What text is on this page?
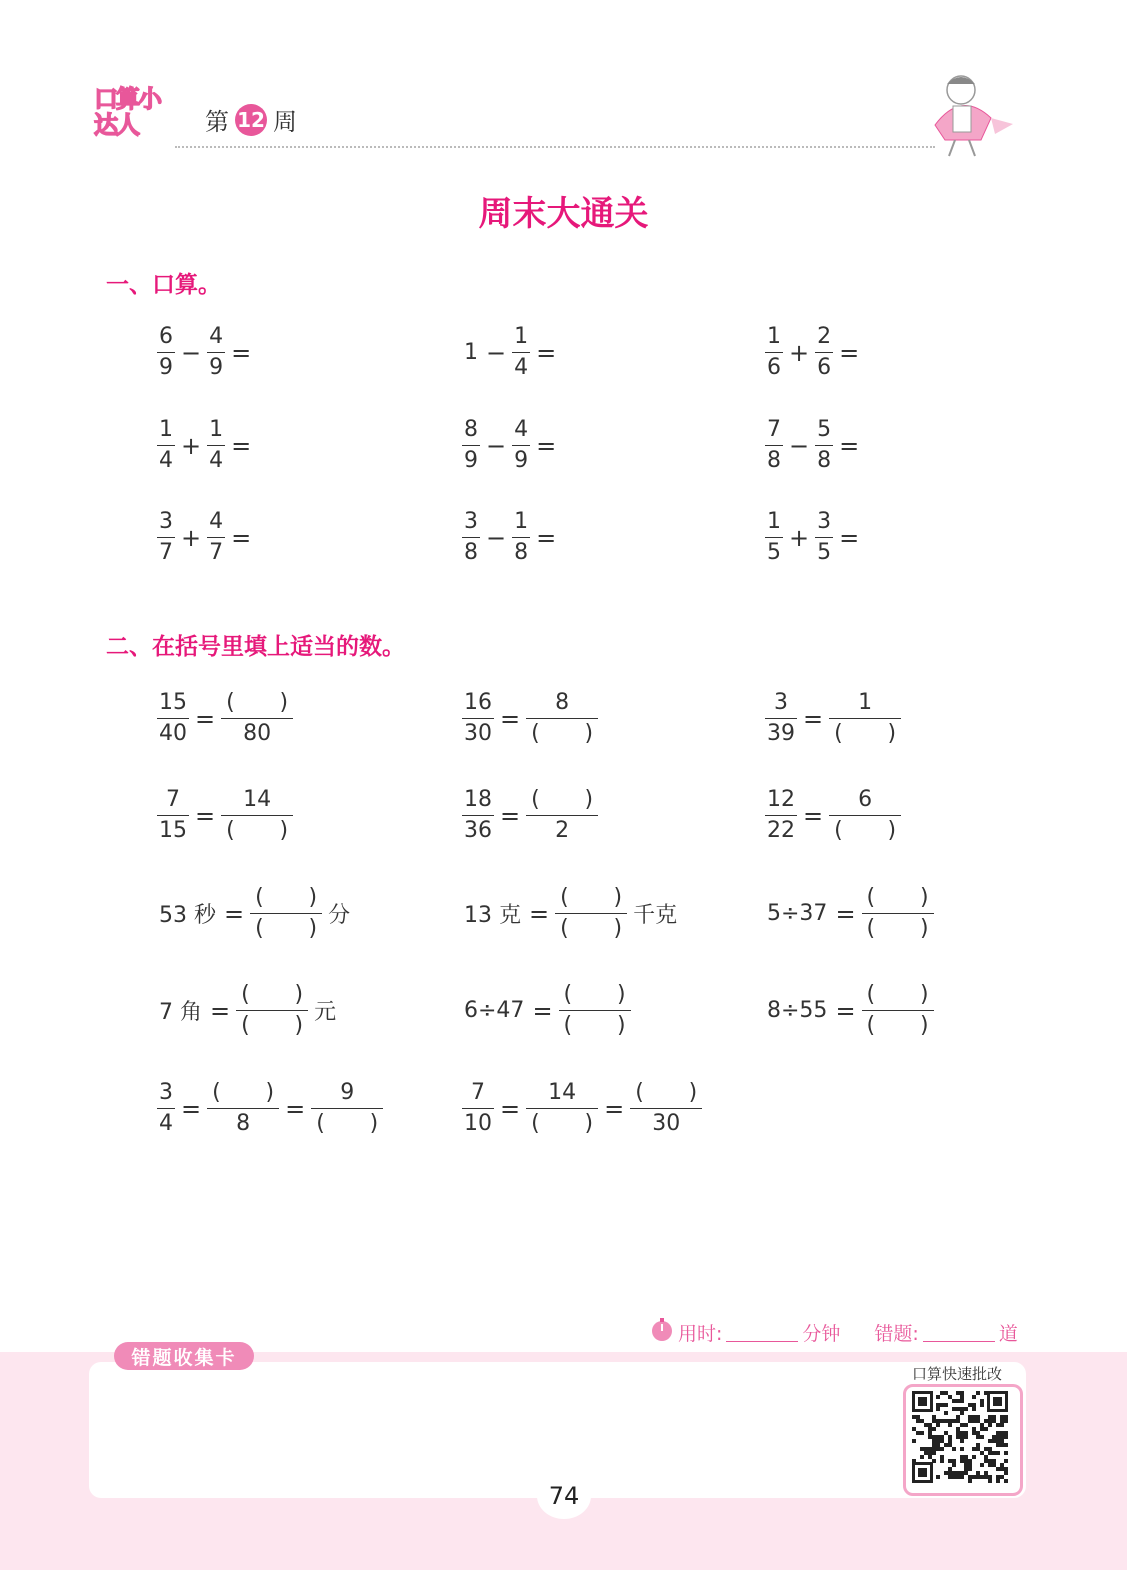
口算小达人	第 12 周
周末大通关
一、口算。
$\frac{6}{9} - \frac{4}{9}$ =	$1 - \frac{1}{4}$ =	$\frac{1}{6} + \frac{2}{6}$ =
$\frac{1}{4} + \frac{1}{4}$ =	$\frac{8}{9} - \frac{4}{9}$ =	$\frac{7}{8} - \frac{5}{8}$ =
$\frac{3}{7} + \frac{4}{7}$ =	$\frac{3}{8} - \frac{1}{8}$ =	$\frac{1}{5} + \frac{3}{5}$ =
二、在括号里填上适当的数。
$\frac{15}{40} = \frac{( )}{80}$	$\frac{16}{30} = \frac{8}{( )}$	$\frac{3}{39} = \frac{1}{( )}$
$\frac{7}{15} = \frac{14}{( )}$	$\frac{18}{36} = \frac{( )}{2}$	$\frac{12}{22} = \frac{6}{( )}$
53 秒 = $\frac{( )}{( )}$ 分	13 克 = $\frac{( )}{( )}$ 千克	$5\div 37 = \frac{( )}{( )}$
7 角 = $\frac{( )}{( )}$ 元	$6\div 47 = \frac{( )}{( )}$	$8\div 55 = \frac{( )}{( )}$
$\frac{3}{4} = \frac{( )}{8} = \frac{9}{( )}$	$\frac{7}{10} = \frac{14}{( )} = \frac{( )}{30}$
错题收集卡
用时:	分钟 错题:	道
口算快速批改
74
